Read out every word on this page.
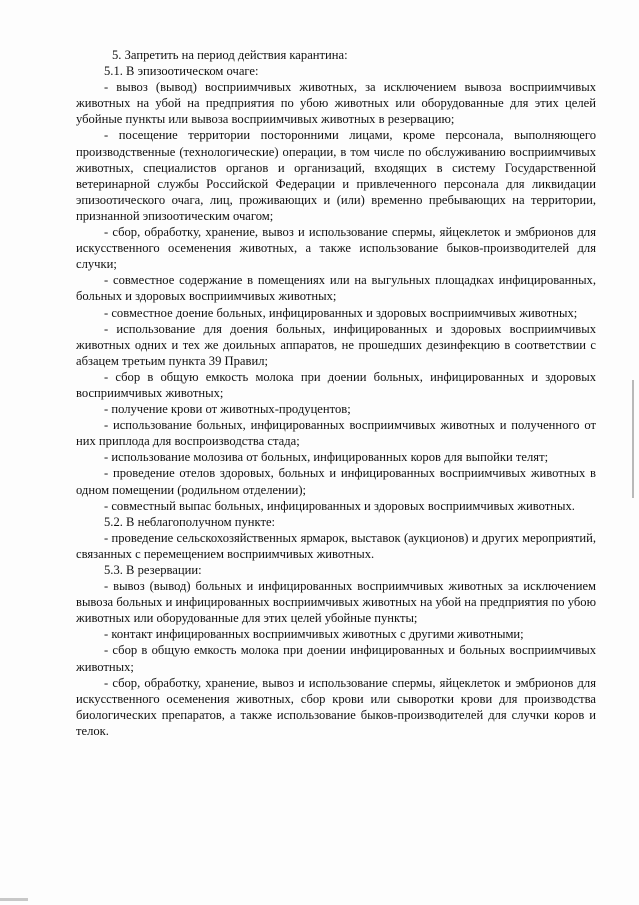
5. Запретить на период действия карантина:

5.1. В эпизоотическом очаге:

- вывоз (вывод) восприимчивых животных, за исключением вывоза восприимчивых животных на убой на предприятия по убою животных или оборудованные для этих целей убойные пункты или вывоза восприимчивых животных в резервацию;

- посещение территории посторонними лицами, кроме персонала, выполняющего производственные (технологические) операции, в том числе по обслуживанию восприимчивых животных, специалистов органов и организаций, входящих в систему Государственной ветеринарной службы Российской Федерации и привлеченного персонала для ликвидации эпизоотического очага, лиц, проживающих и (или) временно пребывающих на территории, признанной эпизоотическим очагом;

- сбор, обработку, хранение, вывоз и использование спермы, яйцеклеток и эмбрионов для искусственного осеменения животных, а также использование быков-производителей для случки;

- совместное содержание в помещениях или на выгульных площадках инфицированных, больных и здоровых восприимчивых животных;

- совместное доение больных, инфицированных и здоровых восприимчивых животных;

- использование для доения больных, инфицированных и здоровых восприимчивых животных одних и тех же доильных аппаратов, не прошедших дезинфекцию в соответствии с абзацем третьим пункта 39 Правил;

- сбор в общую емкость молока при доении больных, инфицированных и здоровых восприимчивых животных;

- получение крови от животных-продуцентов;

- использование больных, инфицированных восприимчивых животных и полученного от них приплода для воспроизводства стада;

- использование молозива от больных, инфицированных коров для выпойки телят;

- проведение отелов здоровых, больных и инфицированных восприимчивых животных в одном помещении (родильном отделении);

- совместный выпас больных, инфицированных и здоровых восприимчивых животных.

5.2. В неблагополучном пункте:

- проведение сельскохозяйственных ярмарок, выставок (аукционов) и других мероприятий, связанных с перемещением восприимчивых животных.

5.3. В резервации:

- вывоз (вывод) больных и инфицированных восприимчивых животных за исключением вывоза больных и инфицированных восприимчивых животных на убой на предприятия по убою животных или оборудованные для этих целей убойные пункты;

- контакт инфицированных восприимчивых животных с другими животными;

- сбор в общую емкость молока при доении инфицированных и больных восприимчивых животных;

- сбор, обработку, хранение, вывоз и использование спермы, яйцеклеток и эмбрионов для искусственного осеменения животных, сбор крови или сыворотки крови для производства биологических препаратов, а также использование быков-производителей для случки коров и телок.
